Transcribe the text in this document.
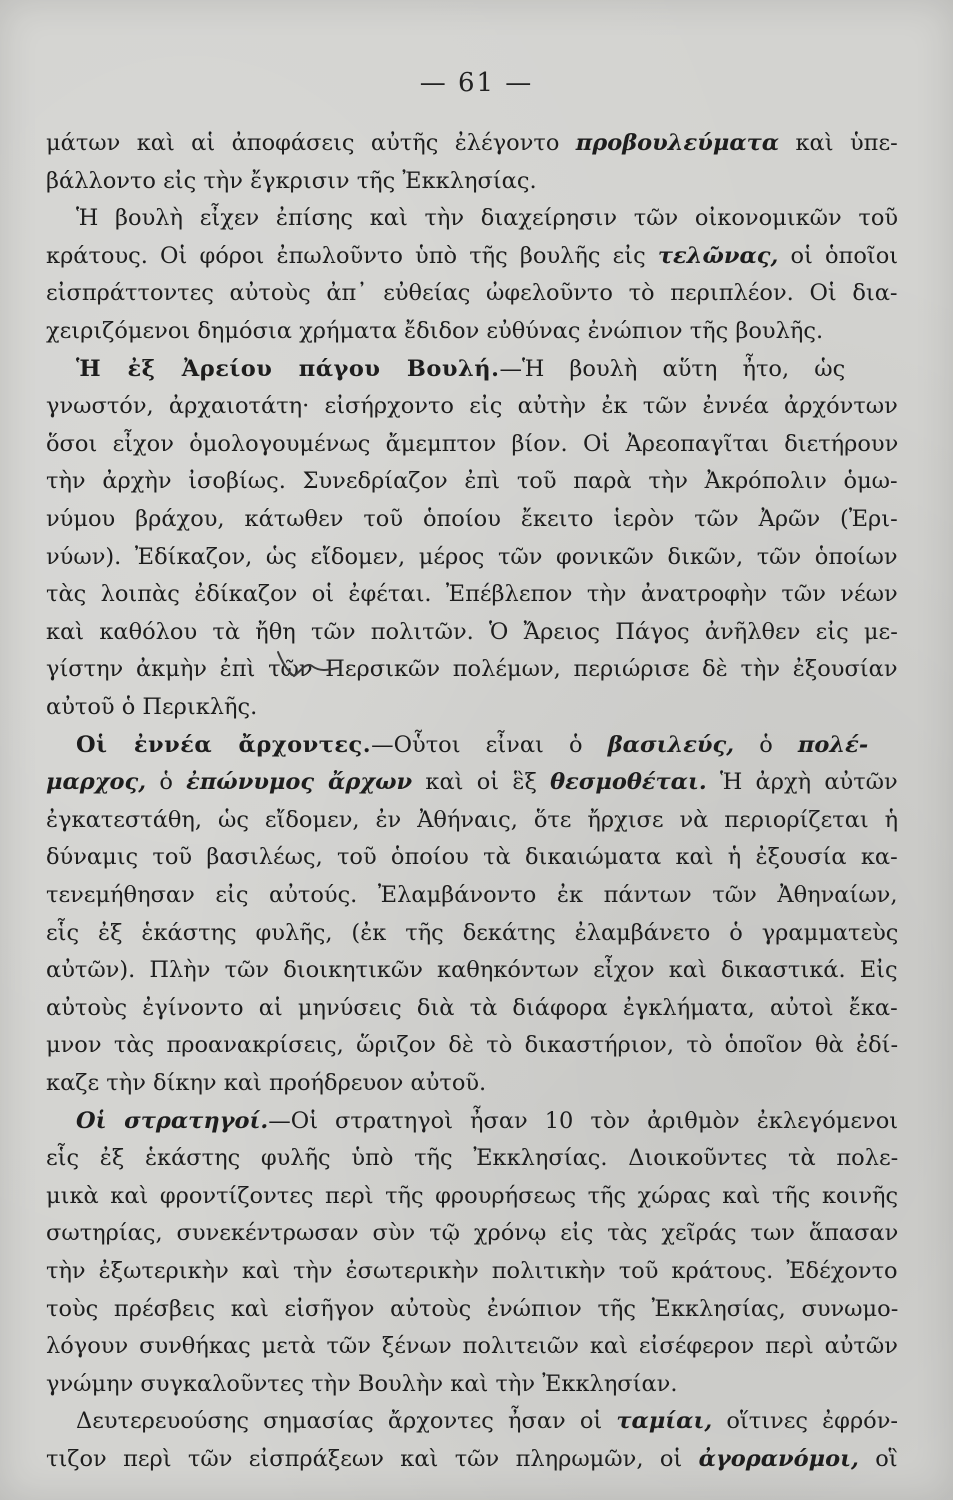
— 61 —
μάτων καὶ αἱ ἀποφάσεις αὐτῆς ἐλέγοντο προβουλεύματα καὶ ὑπε-
βάλλοντο εἰς τὴν ἔγκρισιν τῆς Ἐκκλησίας.
Ἡ βουλὴ εἶχεν ἐπίσης καὶ τὴν διαχείρησιν τῶν οἰκονομικῶν τοῦ
κράτους. Οἱ φόροι ἐπωλοῦντο ὑπὸ τῆς βουλῆς εἰς τελῶνας, οἱ ὁποῖοι
εἰσπράττοντες αὐτοὺς ἀπ᾿ εὐθείας ὠφελοῦντο τὸ περιπλέον. Οἱ δια-
χειριζόμενοι δημόσια χρήματα ἔδιδον εὐθύνας ἐνώπιον τῆς βουλῆς.
Ἡ ἐξ Ἀρείου πάγου Βουλή.—Ἡ βουλὴ αὕτη ἦτο, ὡς
γνωστόν, ἀρχαιοτάτη· εἰσήρχοντο εἰς αὐτὴν ἐκ τῶν ἐννέα ἀρχόντων
ὅσοι εἶχον ὁμολογουμένως ἄμεμπτον βίον. Οἱ Ἀρεοπαγῖται διετήρουν
τὴν ἀρχὴν ἰσοβίως. Συνεδρίαζον ἐπὶ τοῦ παρὰ τὴν Ἀκρόπολιν ὁμω-
νύμου βράχου, κάτωθεν τοῦ ὁποίου ἔκειτο ἱερὸν τῶν Ἀρῶν (Ἐρι-
νύων). Ἐδίκαζον, ὡς εἴδομεν, μέρος τῶν φονικῶν δικῶν, τῶν ὁποίων
τὰς λοιπὰς ἐδίκαζον οἱ ἐφέται. Ἐπέβλεπον τὴν ἀνατροφὴν τῶν νέων
καὶ καθόλου τὰ ἤθη τῶν πολιτῶν. Ὁ Ἄρειος Πάγος ἀνῆλθεν εἰς με-
γίστην ἀκμὴν ἐπὶ τῶν Περσικῶν πολέμων, περιώρισε δὲ τὴν ἐξουσίαν
αὐτοῦ ὁ Περικλῆς.
Οἱ ἐννέα ἄρχοντες.—Οὗτοι εἶναι ὁ βασιλεύς, ὁ πολέ-
μαρχος, ὁ ἐπώνυμος ἄρχων καὶ οἱ ἓξ θεσμοθέται. Ἡ ἀρχὴ αὐτῶν
ἐγκατεστάθη, ὡς εἴδομεν, ἐν Ἀθήναις, ὅτε ἤρχισε νὰ περιορίζεται ἡ
δύναμις τοῦ βασιλέως, τοῦ ὁποίου τὰ δικαιώματα καὶ ἡ ἐξουσία κα-
τενεμήθησαν εἰς αὐτούς. Ἐλαμβάνοντο ἐκ πάντων τῶν Ἀθηναίων,
εἷς ἐξ ἑκάστης φυλῆς, (ἐκ τῆς δεκάτης ἐλαμβάνετο ὁ γραμματεὺς
αὐτῶν). Πλὴν τῶν διοικητικῶν καθηκόντων εἶχον καὶ δικαστικά. Εἰς
αὐτοὺς ἐγίνοντο αἱ μηνύσεις διὰ τὰ διάφορα ἐγκλήματα, αὐτοὶ ἔκα-
μνον τὰς προανακρίσεις, ὥριζον δὲ τὸ δικαστήριον, τὸ ὁποῖον θὰ ἐδί-
καζε τὴν δίκην καὶ προήδρευον αὐτοῦ.
Οἱ στρατηγοί.—Οἱ στρατηγοὶ ἦσαν 10 τὸν ἀριθμὸν ἐκλεγόμενοι
εἷς ἐξ ἑκάστης φυλῆς ὑπὸ τῆς Ἐκκλησίας. Διοικοῦντες τὰ πολε-
μικὰ καὶ φροντίζοντες περὶ τῆς φρουρήσεως τῆς χώρας καὶ τῆς κοινῆς
σωτηρίας, συνεκέντρωσαν σὺν τῷ χρόνῳ εἰς τὰς χεῖράς των ἅπασαν
τὴν ἐξωτερικὴν καὶ τὴν ἐσωτερικὴν πολιτικὴν τοῦ κράτους. Ἐδέχοντο
τοὺς πρέσβεις καὶ εἰσῆγον αὐτοὺς ἐνώπιον τῆς Ἐκκλησίας, συνωμο-
λόγουν συνθήκας μετὰ τῶν ξένων πολιτειῶν καὶ εἰσέφερον περὶ αὐτῶν
γνώμην συγκαλοῦντες τὴν Βουλὴν καὶ τὴν Ἐκκλησίαν.
Δευτερευούσης σημασίας ἄρχοντες ἦσαν οἱ ταμίαι, οἵτινες ἐφρόν-
τιζον περὶ τῶν εἰσπράξεων καὶ τῶν πληρωμῶν, οἱ ἀγορανόμοι, οἳ
